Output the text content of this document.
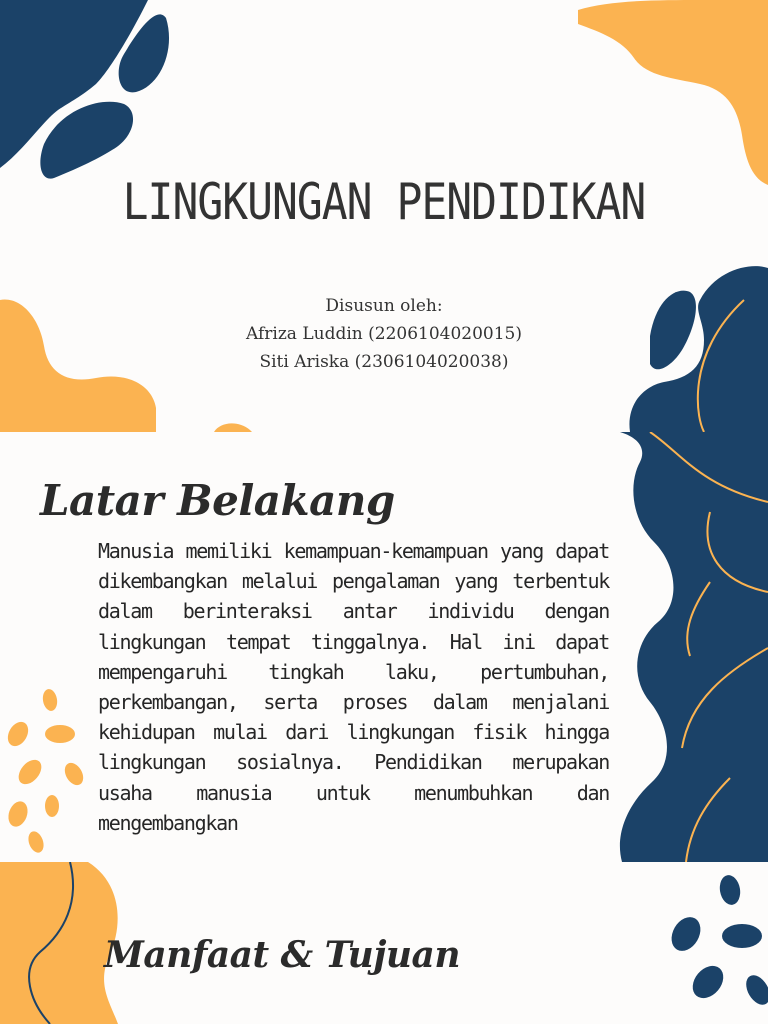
LINGKUNGAN PENDIDIKAN
Disusun oleh:
Afriza Luddin (2206104020015)
Siti Ariska (2306104020038)
Latar Belakang
Manusia memiliki kemampuan-kemampuan yang dapat dikembangkan melalui pengalaman yang terbentuk dalam berinteraksi antar individu dengan lingkungan tempat tinggalnya. Hal ini dapat mempengaruhi tingkah laku, pertumbuhan, perkembangan, serta proses dalam menjalani kehidupan mulai dari lingkungan fisik hingga lingkungan sosialnya. Pendidikan merupakan usaha manusia untuk menumbuhkan dan mengembangkan
Manfaat & Tujuan
